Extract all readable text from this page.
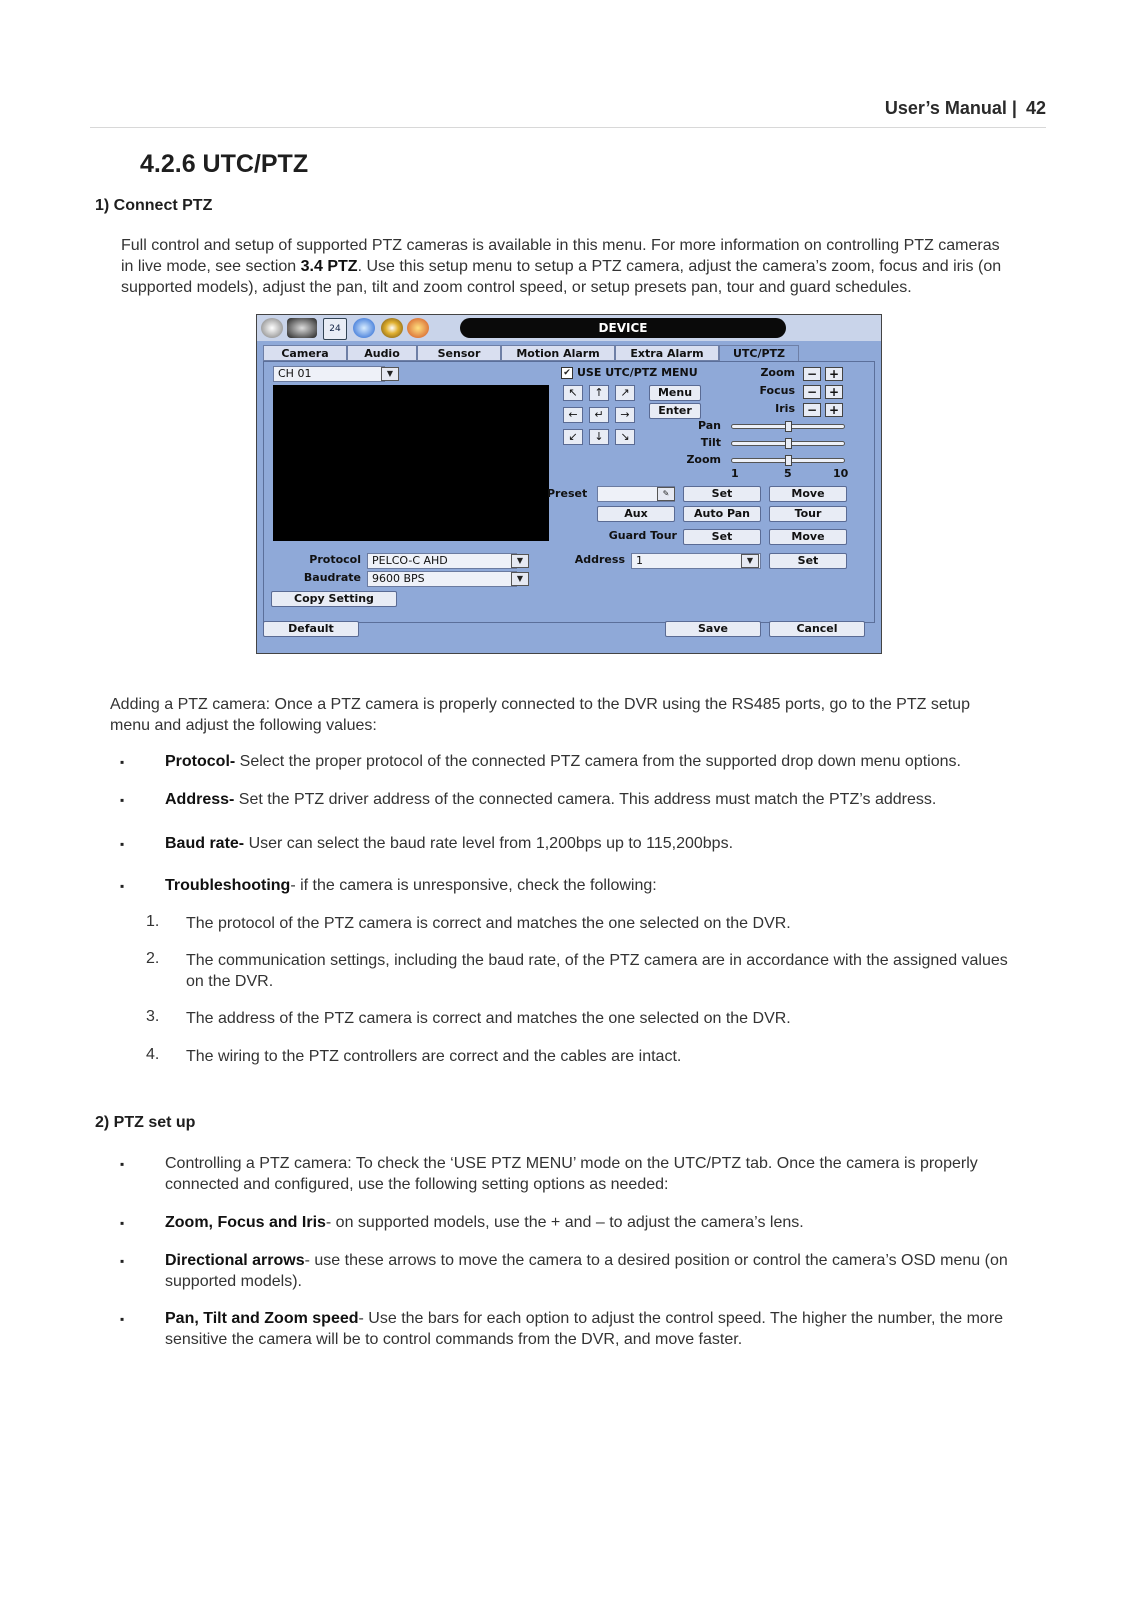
User’s Manual | 42
4.2.6 UTC/PTZ
1) Connect PTZ
Full control and setup of supported PTZ cameras is available in this menu. For more information on controlling PTZ cameras
in live mode, see section 3.4 PTZ. Use this setup menu to setup a PTZ camera, adjust the camera’s zoom, focus and iris (on
supported models), adjust the pan, tilt and zoom control speed, or setup presets pan, tour and guard schedules.
24	DEVICE
Camera	Audio	Sensor	Motion Alarm	Extra Alarm	UTC/PTZ
CH 01	▼	✔ USE UTC/PTZ MENU
↖	↑	↗
←	↵	→
↙	↓	↘
Menu
Enter
Zoom − +
Focus − +
Iris − +
Pan
Tilt
Zoom
1	5	10
Preset	✎	Set	Move
Aux	Auto Pan	Tour
Guard Tour	Set	Move
Protocol	PELCO-C AHD	▼
Baudrate	9600 BPS	▼
Address	1	▼	Set
Copy Setting
Default	Save	Cancel
Adding a PTZ camera: Once a PTZ camera is properly connected to the DVR using the RS485 ports, go to the PTZ setup
menu and adjust the following values:
▪	Protocol- Select the proper protocol of the connected PTZ camera from the supported drop down menu options.
▪	Address- Set the PTZ driver address of the connected camera. This address must match the PTZ’s address.
▪	Baud rate- User can select the baud rate level from 1,200bps up to 115,200bps.
▪	Troubleshooting- if the camera is unresponsive, check the following:
1. The protocol of the PTZ camera is correct and matches the one selected on the DVR.
2. The communication settings, including the baud rate, of the PTZ camera are in accordance with the assigned values
on the DVR.
3. The address of the PTZ camera is correct and matches the one selected on the DVR.
4. The wiring to the PTZ controllers are correct and the cables are intact.
2) PTZ set up
▪	Controlling a PTZ camera: To check the ‘USE PTZ MENU’ mode on the UTC/PTZ tab. Once the camera is properly
connected and configured, use the following setting options as needed:
▪	Zoom, Focus and Iris- on supported models, use the + and – to adjust the camera’s lens.
▪	Directional arrows- use these arrows to move the camera to a desired position or control the camera’s OSD menu (on
supported models).
▪	Pan, Tilt and Zoom speed- Use the bars for each option to adjust the control speed. The higher the number, the more
sensitive the camera will be to control commands from the DVR, and move faster.
